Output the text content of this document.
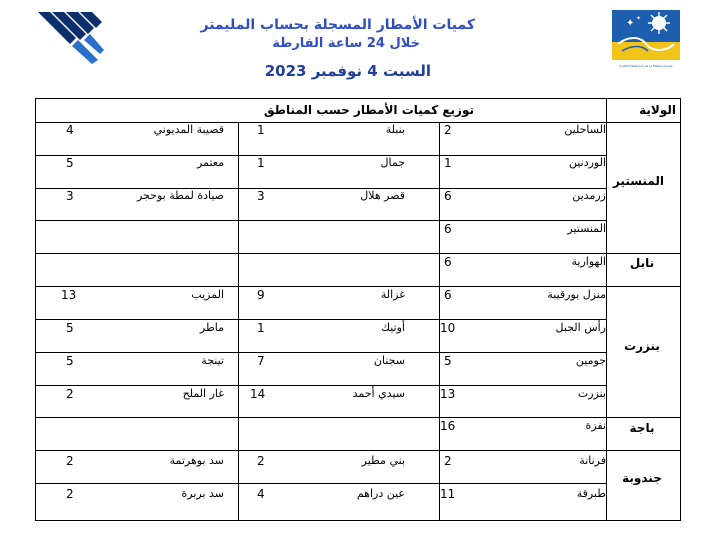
✦ ✦
Institut National de la Météorologie
كميات الأمطار المسجلة بحساب المليمتر
خلال 24 ساعة الفارطة
السبت 4 نوفمبر 2023
الولاية
توزيع كميات الأمطار حسب المناطق
المنستير
نابل
بنزرت
باجة
جندوبة
الساحلين
2
بنبلة
1
قصيبة المديوني
4
الوردنين
1
جمال
1
معتمر
5
زرمدين
6
قصر هلال
3
صيادة لمطة بوحجر
3
المنستير
6
الهوارية
6
منزل بورقيبة
6
غزالة
9
المزيب
13
رأس الجبل
10
أوتيك
1
ماطر
5
جومين
5
سجنان
7
تينجة
5
بنزرت
13
سيدي أحمد
14
غار الملح
2
نفزة
16
فرنانة
2
بني مطير
2
سد بوهرتمة
2
طبرقة
11
عين دراهم
4
سد بربرة
2
